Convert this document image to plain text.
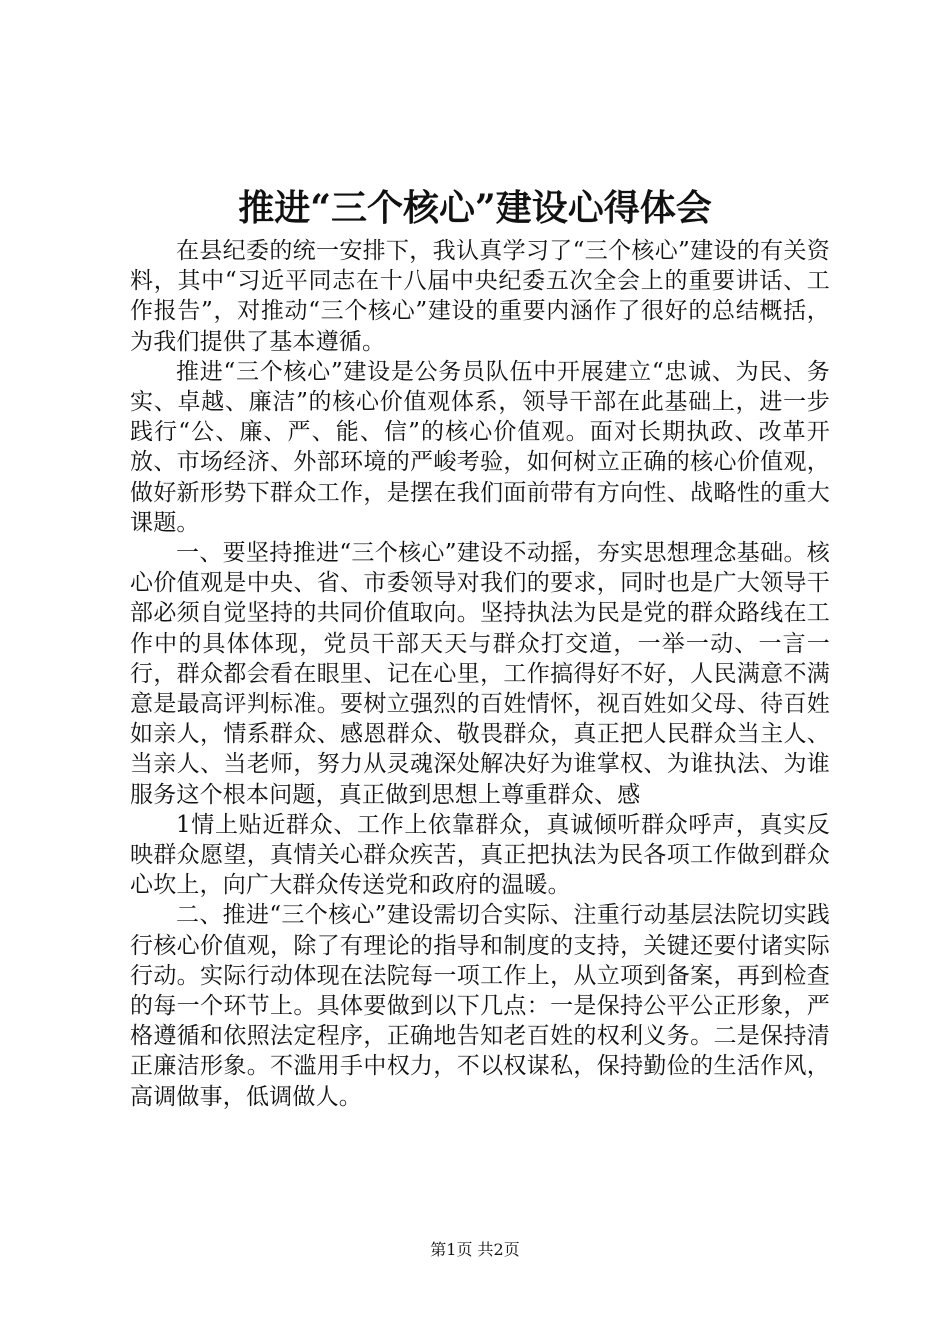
推进“三个核心”建设心得体会

在县纪委的统一安排下，我认真学习了“三个核心”建设的有关资料，其中“习近平同志在十八届中央纪委五次全会上的重要讲话、工作报告”，对推动“三个核心”建设的重要内涵作了很好的总结概括，为我们提供了基本遵循。

推进“三个核心”建设是公务员队伍中开展建立“忠诚、为民、务实、卓越、廉洁”的核心价值观体系，领导干部在此基础上，进一步践行“公、廉、严、能、信”的核心价值观。面对长期执政、改革开放、市场经济、外部环境的严峻考验，如何树立正确的核心价值观，做好新形势下群众工作，是摆在我们面前带有方向性、战略性的重大课题。

一、要坚持推进“三个核心”建设不动摇，夯实思想理念基础。核心价值观是中央、省、市委领导对我们的要求，同时也是广大领导干部必须自觉坚持的共同价值取向。坚持执法为民是党的群众路线在工作中的具体体现，党员干部天天与群众打交道，一举一动、一言一行，群众都会看在眼里、记在心里，工作搞得好不好，人民满意不满意是最高评判标准。要树立强烈的百姓情怀，视百姓如父母、待百姓如亲人，情系群众、感恩群众、敬畏群众，真正把人民群众当主人、当亲人、当老师，努力从灵魂深处解决好为谁掌权、为谁执法、为谁服务这个根本问题，真正做到思想上尊重群众、感

1情上贴近群众、工作上依靠群众，真诚倾听群众呼声，真实反映群众愿望，真情关心群众疾苦，真正把执法为民各项工作做到群众心坎上，向广大群众传送党和政府的温暖。

二、推进“三个核心”建设需切合实际、注重行动基层法院切实践行核心价值观，除了有理论的指导和制度的支持，关键还要付诸实际行动。实际行动体现在法院每一项工作上，从立项到备案，再到检查的每一个环节上。具体要做到以下几点：一是保持公平公正形象，严格遵循和依照法定程序，正确地告知老百姓的权利义务。二是保持清正廉洁形象。不滥用手中权力，不以权谋私，保持勤俭的生活作风，高调做事，低调做人。

第1页 共2页
